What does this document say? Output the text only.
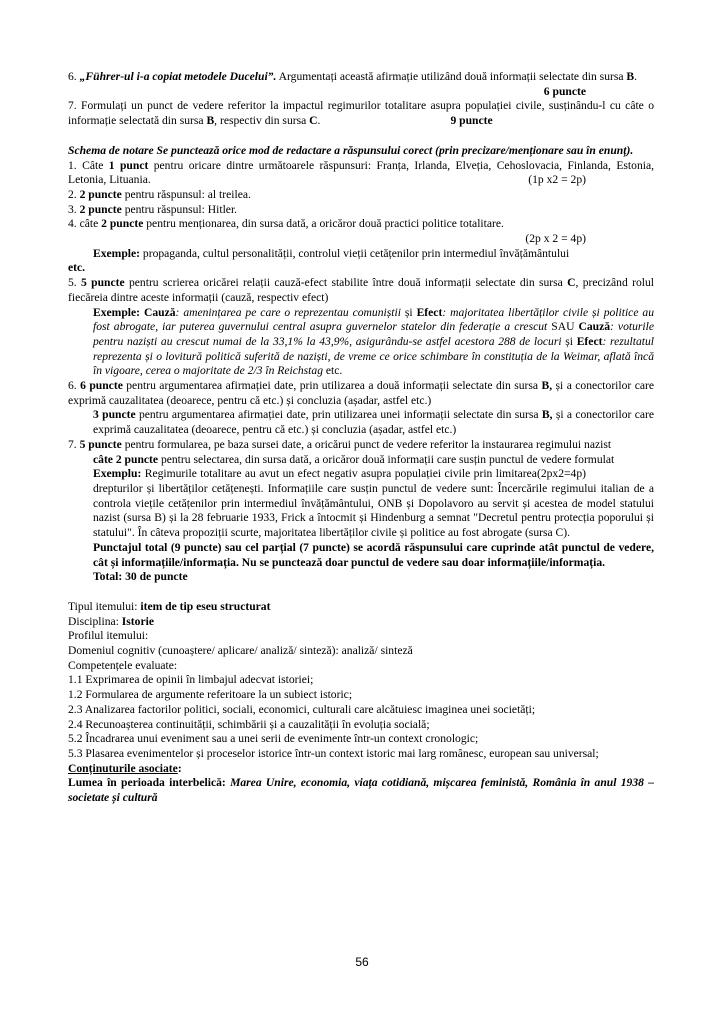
6. „Führer-ul i-a copiat metodele Ducelui”. Argumentați această afirmație utilizând două informații selectate din sursa B.

6 puncte

7. Formulați un punct de vedere referitor la impactul regimurilor totalitare asupra populației civile, susținându-l cu câte o informație selectată din sursa B, respectiv din sursa C.	9 puncte

Schema de notare Se punctează orice mod de redactare a răspunsului corect (prin precizare/menționare sau în enunț).

1. Câte 1 punct pentru oricare dintre următoarele răspunsuri: Franța, Irlanda, Elveția, Cehoslovacia, Finlanda, Estonia, Letonia, Lituania.	(1p x2 = 2p)

2. 2 puncte pentru răspunsul: al treilea.

3. 2 puncte pentru răspunsul: Hitler.

4. câte 2 puncte pentru menționarea, din sursa dată, a oricăror două practici politice totalitare.

(2p x 2 = 4p)

Exemple: propaganda, cultul personalității, controlul vieții cetățenilor prin intermediul învățământului

etc.

5. 5 puncte pentru scrierea oricărei relații cauză-efect stabilite între două informații selectate din sursa C, precizând rolul fiecăreia dintre aceste informații (cauză, respectiv efect)

Exemple: Cauză: amenințarea pe care o reprezentau comuniștii și Efect: majoritatea libertăților civile și politice au fost abrogate, iar puterea guvernului central asupra guvernelor statelor din federație a crescut SAU Cauză: voturile pentru naziști au crescut numai de la 33,1% la 43,9%, asigurându-se astfel acestora 288 de locuri și Efect: rezultatul reprezenta și o lovitură politică suferită de naziști, de vreme ce orice schimbare în constituția de la Weimar, aflată încă în vigoare, cerea o majoritate de 2/3 în Reichstag etc.

6. 6 puncte pentru argumentarea afirmației date, prin utilizarea a două informații selectate din sursa B, și a conectorilor care exprimă cauzalitatea (deoarece, pentru că etc.) și concluzia (așadar, astfel etc.)

3 puncte pentru argumentarea afirmației date, prin utilizarea unei informații selectate din sursa B, și a conectorilor care exprimă cauzalitatea (deoarece, pentru că etc.) și concluzia (așadar, astfel etc.)

7. 5 puncte pentru formularea, pe baza sursei date, a oricărui punct de vedere referitor la instaurarea regimului nazist

câte 2 puncte pentru selectarea, din sursa dată, a oricăror două informații care susțin punctul de vedere formulat
(2px2=4p)

Exemplu: Regimurile totalitare au avut un efect negativ asupra populației civile prin limitarea drepturilor și libertăților cetățenești. Informațiile care susțin punctul de vedere sunt: Încercările regimului italian de a controla viețile cetățenilor prin intermediul învățământului, ONB și Dopolavoro au servit și acestea de model statului nazist (sursa B) și la 28 februarie 1933, Frick a întocmit și Hindenburg a semnat "Decretul pentru protecția poporului și statului". În câteva propoziții scurte, majoritatea libertăților civile și politice au fost abrogate (sursa C).

Punctajul total (9 puncte) sau cel parțial (7 puncte) se acordă răspunsului care cuprinde atât punctul de vedere, cât și informațiile/informația. Nu se punctează doar punctul de vedere sau doar informațiile/informația.

Total: 30 de puncte

Tipul itemului: item de tip eseu structurat

Disciplina: Istorie

Profilul itemului:

Domeniul cognitiv (cunoaștere/ aplicare/ analiză/ sinteză): analiză/ sinteză

Competențele evaluate:

1.1 Exprimarea de opinii în limbajul adecvat istoriei;

1.2 Formularea de argumente referitoare la un subiect istoric;

2.3 Analizarea factorilor politici, sociali, economici, culturali care alcătuiesc imaginea unei societăți;

2.4 Recunoașterea continuității, schimbării și a cauzalității în evoluția socială;

5.2 Încadrarea unui eveniment sau a unei serii de evenimente într-un context cronologic;

5.3 Plasarea evenimentelor și proceselor istorice într-un context istoric mai larg românesc, european sau universal;

Conținuturile asociate:

Lumea în perioada interbelică: Marea Unire, economia, viața cotidiană, mișcarea feministă, România în anul 1938 – societate și cultură

56
